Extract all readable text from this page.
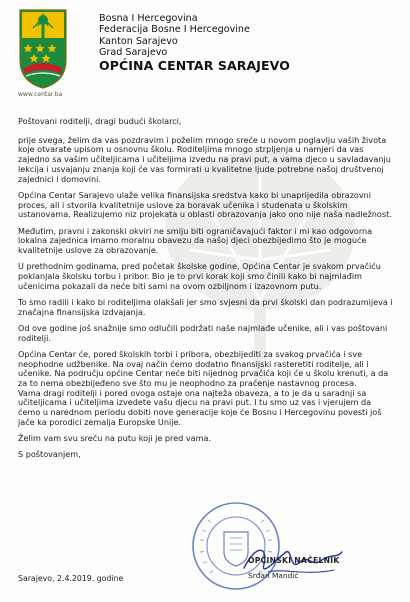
www.centar.ba
Bosna I Hercegovina
Federacija Bosne I Hercegovine
Kanton Sarajevo
Grad Sarajevo
OPĆINA CENTAR SARAJEVO

Poštovani roditelji, dragi budući školarci,

prije svega, želim da vas pozdravim i poželim mnogo sreće u novom poglavlju vaših života koje otvarate upisom u osnovnu školu. Roditeljima mnogo strpljenja u namjeri da vas zajedno sa vašim učiteljicama i učiteljima izvedu na pravi put, a vama djeco u savladavanju lekcija i usvajanju znanja koji će vas formirati u kvalitetne ljude potrebne našoj društvenoj zajednici i domovini.

Općina Centar Sarajevo ulaže velika finansijska sredstva kako bi unaprijedila obrazovni proces, ali i stvorila kvalitetnije uslove za boravak učenika i studenata u školskim ustanovama. Realizujemo niz projekata u oblasti obrazovanja jako ono nije naša nadležnost.

Međutim, pravni i zakonski okviri ne smiju biti ograničavajući faktor i mi kao odgovorna lokalna zajednica imamo moralnu obavezu da našoj djeci obezbijedimo što je moguće kvalitetnije uslove za obrazovanje.

U prethodnim godinama, pred početak školske godine, Općina Centar je svakom prvačiću poklanjala školsku torbu i pribor. Bio je to prvi korak koji smo činili kako bi najmlađim učenicima pokazali da neće biti sami na ovom ozbiljnom i izazovnom putu.

To smo radili i kako bi roditeljima olakšali jer smo svjesni da prvi školski dan podrazumijeva i značajna finansijska izdvajanja.

Od ove godine još snažnije smo odlučili podržati naše najmlađe učenike, ali i vas poštovani roditelji.

Općina Centar će, pored školskih torbi i pribora, obezbijediti za svakog prvačića i sve neophodne udžbenike. Na ovaj način ćemo dodatno finansijski rasteretiti roditelje, ali i učenike. Na području općine Centar neće biti nijednog prvačića koji će u školu krenuti, a da za to nema obezbijeđeno sve što mu je neophodno za praćenje nastavnog procesa.
Vama dragi roditelji i pored ovoga ostaje ona najteža obaveza, a to je da u saradnji sa učiteljicama i učiteljima izvedete vašu djecu na pravi put. I tu smo uz vas i vjerujem da ćemo u narednom periodu dobiti nove generacije koje će Bosnu i Hercegovinu povesti još jače ka porodici zemalja Europske Unije.

Želim vam svu sreću na putu koji je pred vama.

S poštovanjem,

OPĆINSKI NAČELNIK
Srđan Mandić
Sarajevo, 2.4.2019. godine
